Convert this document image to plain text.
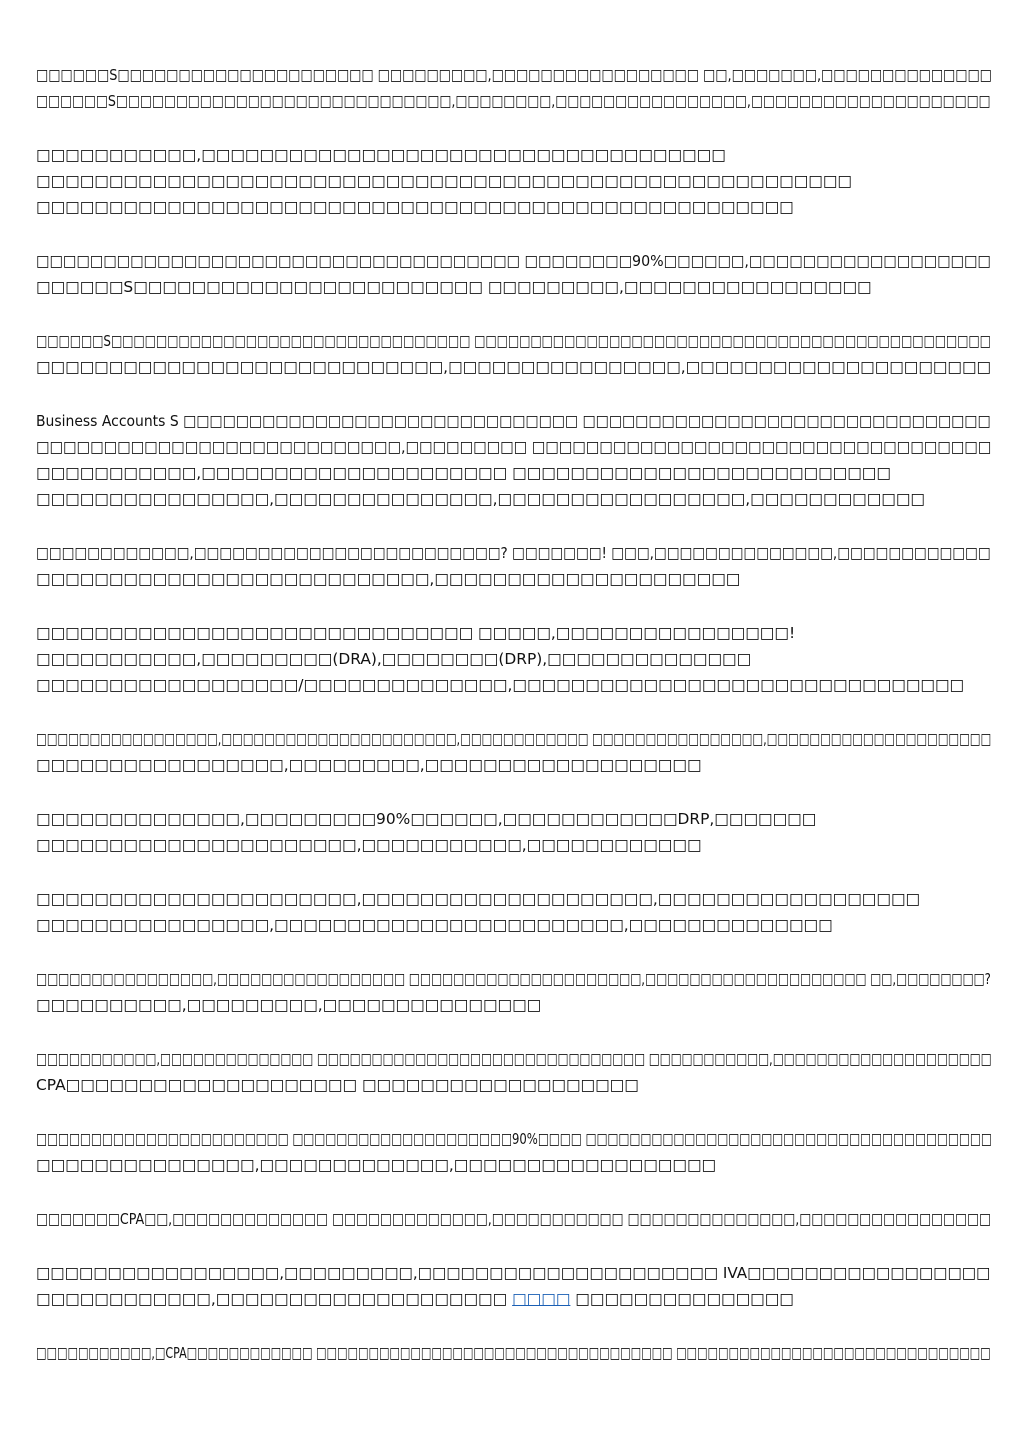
□□□□□□S□□□□□□□□□□□□□□□□□□□□□ □□□□□□□□□,□□□□□□□□□□□□□□□□□ □□,□□□□□□□,□□□□□□□□□□□□□□
□□□□□□S□□□□□□□□□□□□□□□□□□□□□□□□□□□□,□□□□□□□□,□□□□□□□□□□□□□□□□,□□□□□□□□□□□□□□□□□□□□
□□□□□□□□□□□,□□□□□□□□□□□□□□□□□□□□□□□□□□□□□□□□□□□□
□□□□□□□□□□□□□□□□□□□□□□□□□□□□□□□□□□□□□□□□□□□□□□□□□□□□□□□□
□□□□□□□□□□□□□□□□□□□□□□□□□□□□□□□□□□□□□□□□□□□□□□□□□□□□
□□□□□□□□□□□□□□□□□□□□□□□□□□□□□□□□□□□□ □□□□□□□□90%□□□□□□,□□□□□□□□□□□□□□□□□□
□□□□□□S□□□□□□□□□□□□□□□□□□□□□□□□ □□□□□□□□□,□□□□□□□□□□□□□□□□□
□□□□□□S□□□□□□□□□□□□□□□□□□□□□□□□□□□□□□□□ □□□□□□□□□□□□□□□□□□□□□□□□□□□□□□□□□□□□□□□□□□□□□□
□□□□□□□□□□□□□□□□□□□□□□□□□□□□,□□□□□□□□□□□□□□□□,□□□□□□□□□□□□□□□□□□□□□
Business Accounts S □□□□□□□□□□□□□□□□□□□□□□□□□□□□□□ □□□□□□□□□□□□□□□□□□□□□□□□□□□□□□□
□□□□□□□□□□□□□□□□□□□□□□□□□□□,□□□□□□□□□ □□□□□□□□□□□□□□□□□□□□□□□□□□□□□□□□□□
□□□□□□□□□□□,□□□□□□□□□□□□□□□□□□□□□ □□□□□□□□□□□□□□□□□□□□□□□□□□
□□□□□□□□□□□□□□□□,□□□□□□□□□□□□□□□,□□□□□□□□□□□□□□□□□,□□□□□□□□□□□□
□□□□□□□□□□□□,□□□□□□□□□□□□□□□□□□□□□□□□? □□□□□□□! □□□,□□□□□□□□□□□□□□,□□□□□□□□□□□□
□□□□□□□□□□□□□□□□□□□□□□□□□□□,□□□□□□□□□□□□□□□□□□□□□
□□□□□□□□□□□□□□□□□□□□□□□□□□□□□□ □□□□□,□□□□□□□□□□□□□□□□!
□□□□□□□□□□□,□□□□□□□□□(DRA),□□□□□□□□(DRP),□□□□□□□□□□□□□□
□□□□□□□□□□□□□□□□□□/□□□□□□□□□□□□□□,□□□□□□□□□□□□□□□□□□□□□□□□□□□□□□□
□□□□□□□□□□□□□□□□□,□□□□□□□□□□□□□□□□□□□□□□,□□□□□□□□□□□□ □□□□□□□□□□□□□□□□,□□□□□□□□□□□□□□□□□□□□□
□□□□□□□□□□□□□□□□□,□□□□□□□□□,□□□□□□□□□□□□□□□□□□□
□□□□□□□□□□□□□□,□□□□□□□□□90%□□□□□□,□□□□□□□□□□□□DRP,□□□□□□□
□□□□□□□□□□□□□□□□□□□□□□,□□□□□□□□□□□,□□□□□□□□□□□□
□□□□□□□□□□□□□□□□□□□□□□,□□□□□□□□□□□□□□□□□□□□,□□□□□□□□□□□□□□□□□□
□□□□□□□□□□□□□□□□,□□□□□□□□□□□□□□□□□□□□□□□□,□□□□□□□□□□□□□□
□□□□□□□□□□□□□□□□,□□□□□□□□□□□□□□□□□ □□□□□□□□□□□□□□□□□□□□□,□□□□□□□□□□□□□□□□□□□□ □□,□□□□□□□□?
□□□□□□□□□□,□□□□□□□□□,□□□□□□□□□□□□□□□
□□□□□□□□□□□,□□□□□□□□□□□□□□ □□□□□□□□□□□□□□□□□□□□□□□□□□□□□□ □□□□□□□□□□□,□□□□□□□□□□□□□□□□□□□□
CPA□□□□□□□□□□□□□□□□□□□□ □□□□□□□□□□□□□□□□□□□
□□□□□□□□□□□□□□□□□□□□□□□ □□□□□□□□□□□□□□□□□□□□90%□□□□ □□□□□□□□□□□□□□□□□□□□□□□□□□□□□□□□□□□□□
□□□□□□□□□□□□□□□,□□□□□□□□□□□□□,□□□□□□□□□□□□□□□□□□
□□□□□□□CPA□□,□□□□□□□□□□□□□ □□□□□□□□□□□□□,□□□□□□□□□□□ □□□□□□□□□□□□□□,□□□□□□□□□□□□□□□□
□□□□□□□□□□□□□□□□□,□□□□□□□□□,□□□□□□□□□□□□□□□□□□□□□ IVA□□□□□□□□□□□□□□□□□
□□□□□□□□□□□□,□□□□□□□□□□□□□□□□□□□□ □□□□ □□□□□□□□□□□□□□□
□□□□□□□□□□□,□CPA□□□□□□□□□□□□ □□□□□□□□□□□□□□□□□□□□□□□□□□□□□□□□□□ □□□□□□□□□□□□□□□□□□□□□□□□□□□□□□
